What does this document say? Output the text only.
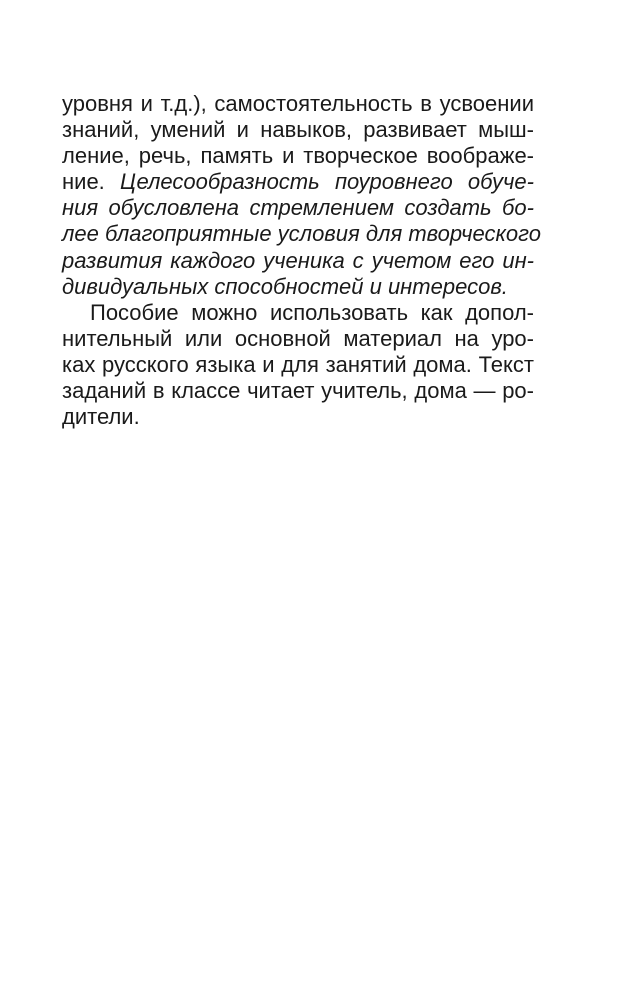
уровня и т.д.), самостоятельность в усвоении
знаний, умений и навыков, развивает мыш-
ление, речь, память и творческое воображе-
ние. Целесообразность поуровнего обуче-
ния обусловлена стремлением создать бо-
лее благоприятные условия для творческого
развития каждого ученика с учетом его ин-
дивидуальных способностей и интересов.
Пособие можно использовать как допол-
нительный или основной материал на уро-
ках русского языка и для занятий дома. Текст
заданий в классе читает учитель, дома — ро-
дители.
